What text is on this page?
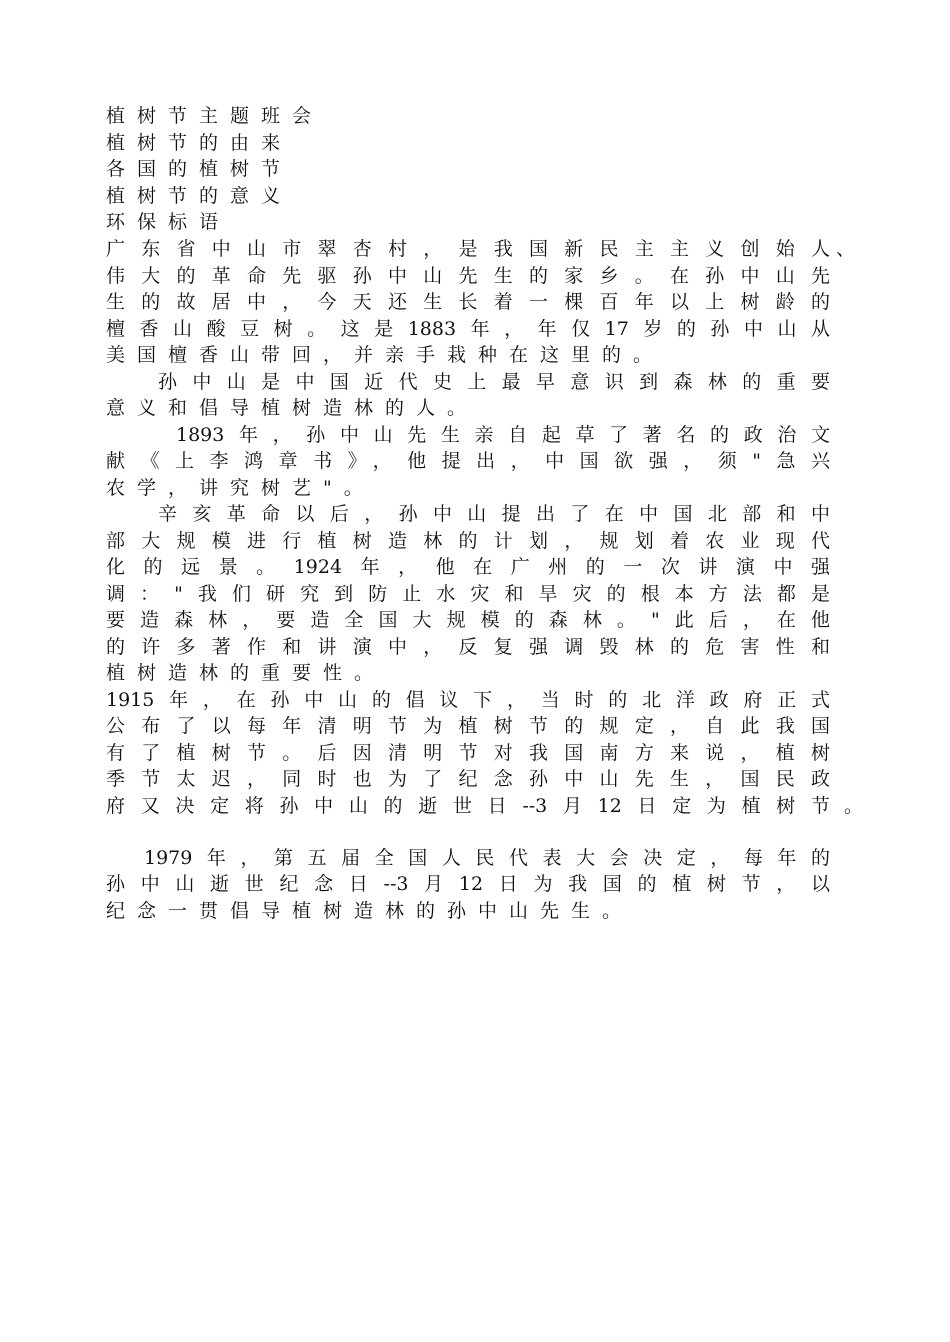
植树节主题班会
植树节的由来
各国的植树节
植树节的意义
环保标语
广东省中山市翠杏村，是我国新民主主义创始人 、
伟大的革命先驱孙中山先生的家乡。在孙中山先
生的故居中，今天还生长着一棵百年以上树龄的
檀香山酸豆树。这是1883年，年仅17岁的孙中山从
美国檀香山带回，并亲手栽种在这里的。
孙中山是中国近代史上最早意识到森林的重要
意义和倡导植树造林的人。
1893年，孙中山先生亲自起草了著名的政治文
献《上李鸿章书》，他提出，中国欲强，须"急兴
农学，讲究树艺"。
辛亥革命以后，孙中山提出了在中国北部和中
部大规模进行植树造林的计划，规划着农业现代
化的远景。1924年，他在广州的一次讲演中强
调："我们研究到防止水灾和旱灾的根本方法都是
要造森林，要造全国大规模的森林。"此后，在他
的许多著作和讲演中，反复强调毁林的危害性和
植树造林的重要性。
1915年，在孙中山的倡议下，当时的北洋政府正式
公布了以每年清明节为植树节的规定，自此我国
有了植树节。后因清明节对我国南方来说，植树
季节太迟，同时也为了纪念孙中山先生，国民政
府又决定将孙中山的逝世日--3月12日定为植树节 。
1979年，第五届全国人民代表大会决定，每年的
孙中山逝世纪念日--3月12日为我国的植树节，以
纪念一贯倡导植树造林的孙中山先生。
